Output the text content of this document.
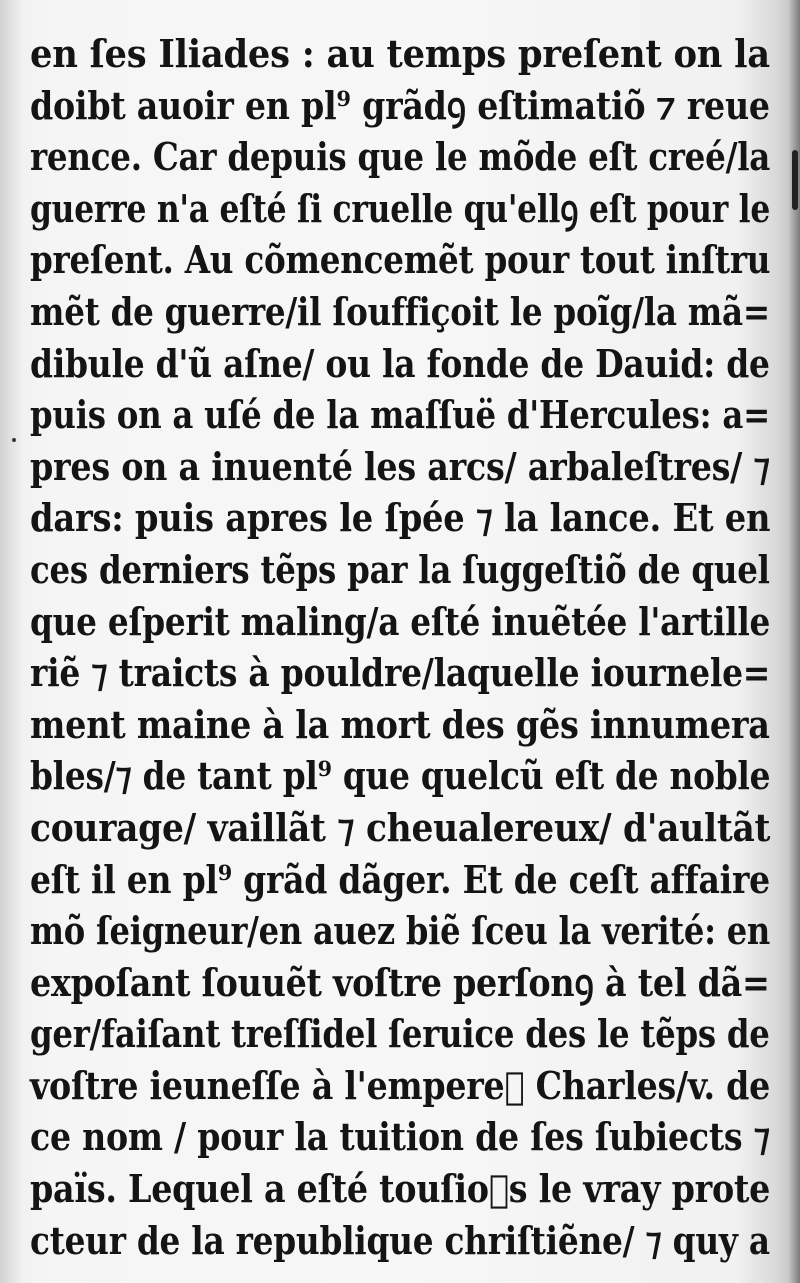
en ſes Iliades : au temps preſent on la
doibt auoir en pl⁹ grãdꝯ eſtimatiõ ⁊ reue
rence. Car depuis que le mõde eſt creé/la
guerre n'a eſté ſi cruelle qu'ellꝯ eſt pour le
preſent. Au cõmencemẽt pour tout inſtru
mẽt de guerre/il ſouffiçoit le poĩg/la mã=
dibule d'ũ aſne/ ou la fonde de Dauid: de
puis on a uſé de la maſſuë d'Hercules: a=
pres on a inuenté les arcs/ arbaleſtres/ ⁊
dars: puis apres le ſpée ⁊ la lance. Et en
ces derniers tẽps par la ſuggeſtiõ de quel
que eſperit maling/a eſté inuẽtée l'artille
riẽ ⁊ traicts à pouldre/laquelle iournele=
ment maine à la mort des gẽs innumera
bles/⁊ de tant pl⁹ que quelcũ eſt de noble
courage/ vaillãt ⁊ cheualereux/ d'aultãt
eſt il en pl⁹ grãd dãger. Et de ceſt affaire
mõ ſeigneur/en auez biẽ ſceu la verité: en
expoſant ſouuẽt voſtre perſonꝯ à tel dã=
ger/faiſant treſſidel ſeruice des le tẽps de
voſtre ieuneſſe à l'empereᷣ Charles/v. de
ce nom / pour la tuition de ſes ſubiects ⁊
païs. Lequel a eſté touſioᷣs le vray prote
cteur de la republique chriſtiẽne/ ⁊ quy a
